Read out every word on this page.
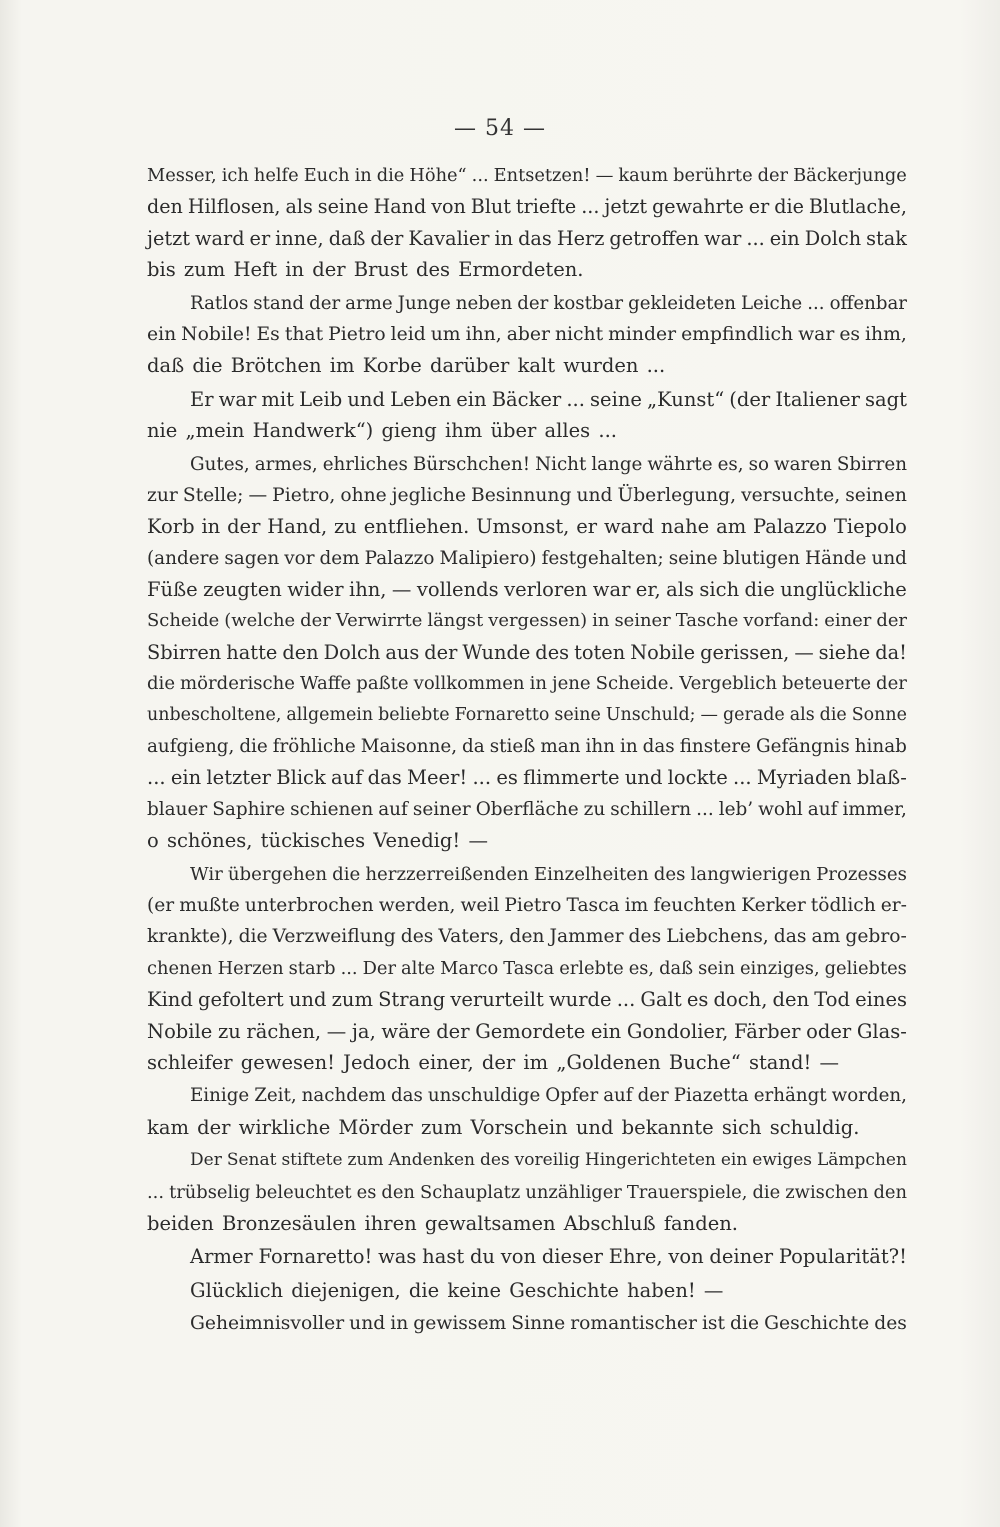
— 54 —
Messer, ich helfe Euch in die Höhe“ ... Entsetzen! — kaum berührte der Bäckerjunge
den Hilflosen, als seine Hand von Blut triefte ... jetzt gewahrte er die Blutlache,
jetzt ward er inne, daß der Kavalier in das Herz getroffen war ... ein Dolch stak
bis zum Heft in der Brust des Ermordeten.
Ratlos stand der arme Junge neben der kostbar gekleideten Leiche ... offenbar
ein Nobile! Es that Pietro leid um ihn, aber nicht minder empfindlich war es ihm,
daß die Brötchen im Korbe darüber kalt wurden ...
Er war mit Leib und Leben ein Bäcker ... seine „Kunst“ (der Italiener sagt
nie „mein Handwerk“) gieng ihm über alles ...
Gutes, armes, ehrliches Bürschchen! Nicht lange währte es, so waren Sbirren
zur Stelle; — Pietro, ohne jegliche Besinnung und Überlegung, versuchte, seinen
Korb in der Hand, zu entfliehen. Umsonst, er ward nahe am Palazzo Tiepolo
(andere sagen vor dem Palazzo Malipiero) festgehalten; seine blutigen Hände und
Füße zeugten wider ihn, — vollends verloren war er, als sich die unglückliche
Scheide (welche der Verwirrte längst vergessen) in seiner Tasche vorfand: einer der
Sbirren hatte den Dolch aus der Wunde des toten Nobile gerissen, — siehe da!
die mörderische Waffe paßte vollkommen in jene Scheide. Vergeblich beteuerte der
unbescholtene, allgemein beliebte Fornaretto seine Unschuld; — gerade als die Sonne
aufgieng, die fröhliche Maisonne, da stieß man ihn in das finstere Gefängnis hinab
... ein letzter Blick auf das Meer! ... es flimmerte und lockte ... Myriaden blaß-
blauer Saphire schienen auf seiner Oberfläche zu schillern ... leb’ wohl auf immer,
o schönes, tückisches Venedig! —
Wir übergehen die herzzerreißenden Einzelheiten des langwierigen Prozesses
(er mußte unterbrochen werden, weil Pietro Tasca im feuchten Kerker tödlich er-
krankte), die Verzweiflung des Vaters, den Jammer des Liebchens, das am gebro-
chenen Herzen starb ... Der alte Marco Tasca erlebte es, daß sein einziges, geliebtes
Kind gefoltert und zum Strang verurteilt wurde ... Galt es doch, den Tod eines
Nobile zu rächen, — ja, wäre der Gemordete ein Gondolier, Färber oder Glas-
schleifer gewesen! Jedoch einer, der im „Goldenen Buche“ stand! —
Einige Zeit, nachdem das unschuldige Opfer auf der Piazetta erhängt worden,
kam der wirkliche Mörder zum Vorschein und bekannte sich schuldig.
Der Senat stiftete zum Andenken des voreilig Hingerichteten ein ewiges Lämpchen
... trübselig beleuchtet es den Schauplatz unzähliger Trauerspiele, die zwischen den
beiden Bronzesäulen ihren gewaltsamen Abschluß fanden.
Armer Fornaretto! was hast du von dieser Ehre, von deiner Popularität?!
Glücklich diejenigen, die keine Geschichte haben! —
Geheimnisvoller und in gewissem Sinne romantischer ist die Geschichte des
